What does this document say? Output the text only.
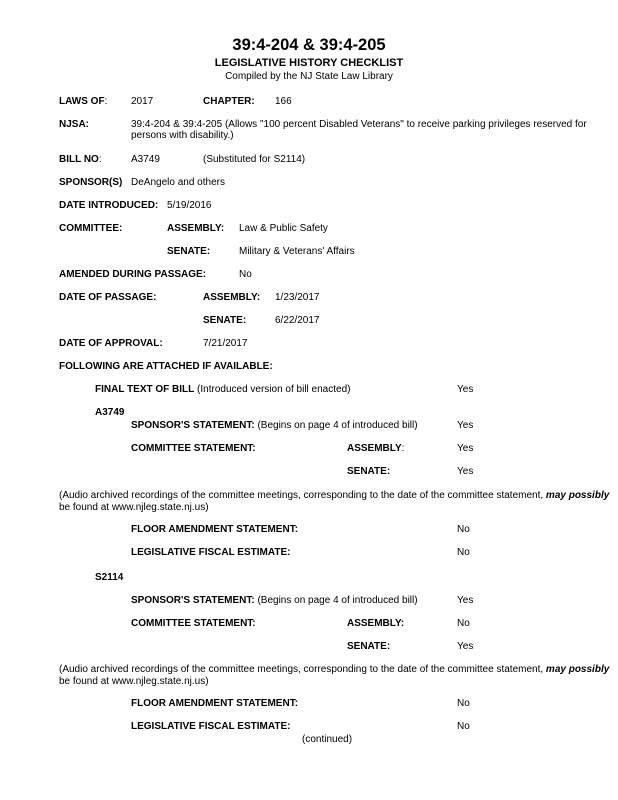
39:4-204 & 39:4-205
LEGISLATIVE HISTORY CHECKLIST
Compiled by the NJ State Law Library
LAWS OF: 2017	CHAPTER: 166
NJSA:	39:4-204 & 39:4-205 (Allows "100 percent Disabled Veterans" to receive parking privileges reserved for
persons with disability.)
BILL NO:	A3749	(Substituted for S2114)
SPONSOR(S) DeAngelo and others
DATE INTRODUCED: 5/19/2016
COMMITTEE:	ASSEMBLY: Law & Public Safety
SENATE:	Military & Veterans' Affairs
AMENDED DURING PASSAGE:	No
DATE OF PASSAGE:	ASSEMBLY: 1/23/2017
SENATE:	6/22/2017
DATE OF APPROVAL:	7/21/2017
FOLLOWING ARE ATTACHED IF AVAILABLE:
FINAL TEXT OF BILL (Introduced version of bill enacted)	Yes
A3749
SPONSOR'S STATEMENT: (Begins on page 4 of introduced bill)	Yes
COMMITTEE STATEMENT:	ASSEMBLY:	Yes
SENATE:	Yes
(Audio archived recordings of the committee meetings, corresponding to the date of the committee statement, may possibly
be found at www.njleg.state.nj.us)
FLOOR AMENDMENT STATEMENT:	No
LEGISLATIVE FISCAL ESTIMATE:	No
S2114
SPONSOR'S STATEMENT: (Begins on page 4 of introduced bill)	Yes
COMMITTEE STATEMENT:	ASSEMBLY:	No
SENATE:	Yes
(Audio archived recordings of the committee meetings, corresponding to the date of the committee statement, may possibly
be found at www.njleg.state.nj.us)
FLOOR AMENDMENT STATEMENT:	No
LEGISLATIVE FISCAL ESTIMATE:	No
(continued)
